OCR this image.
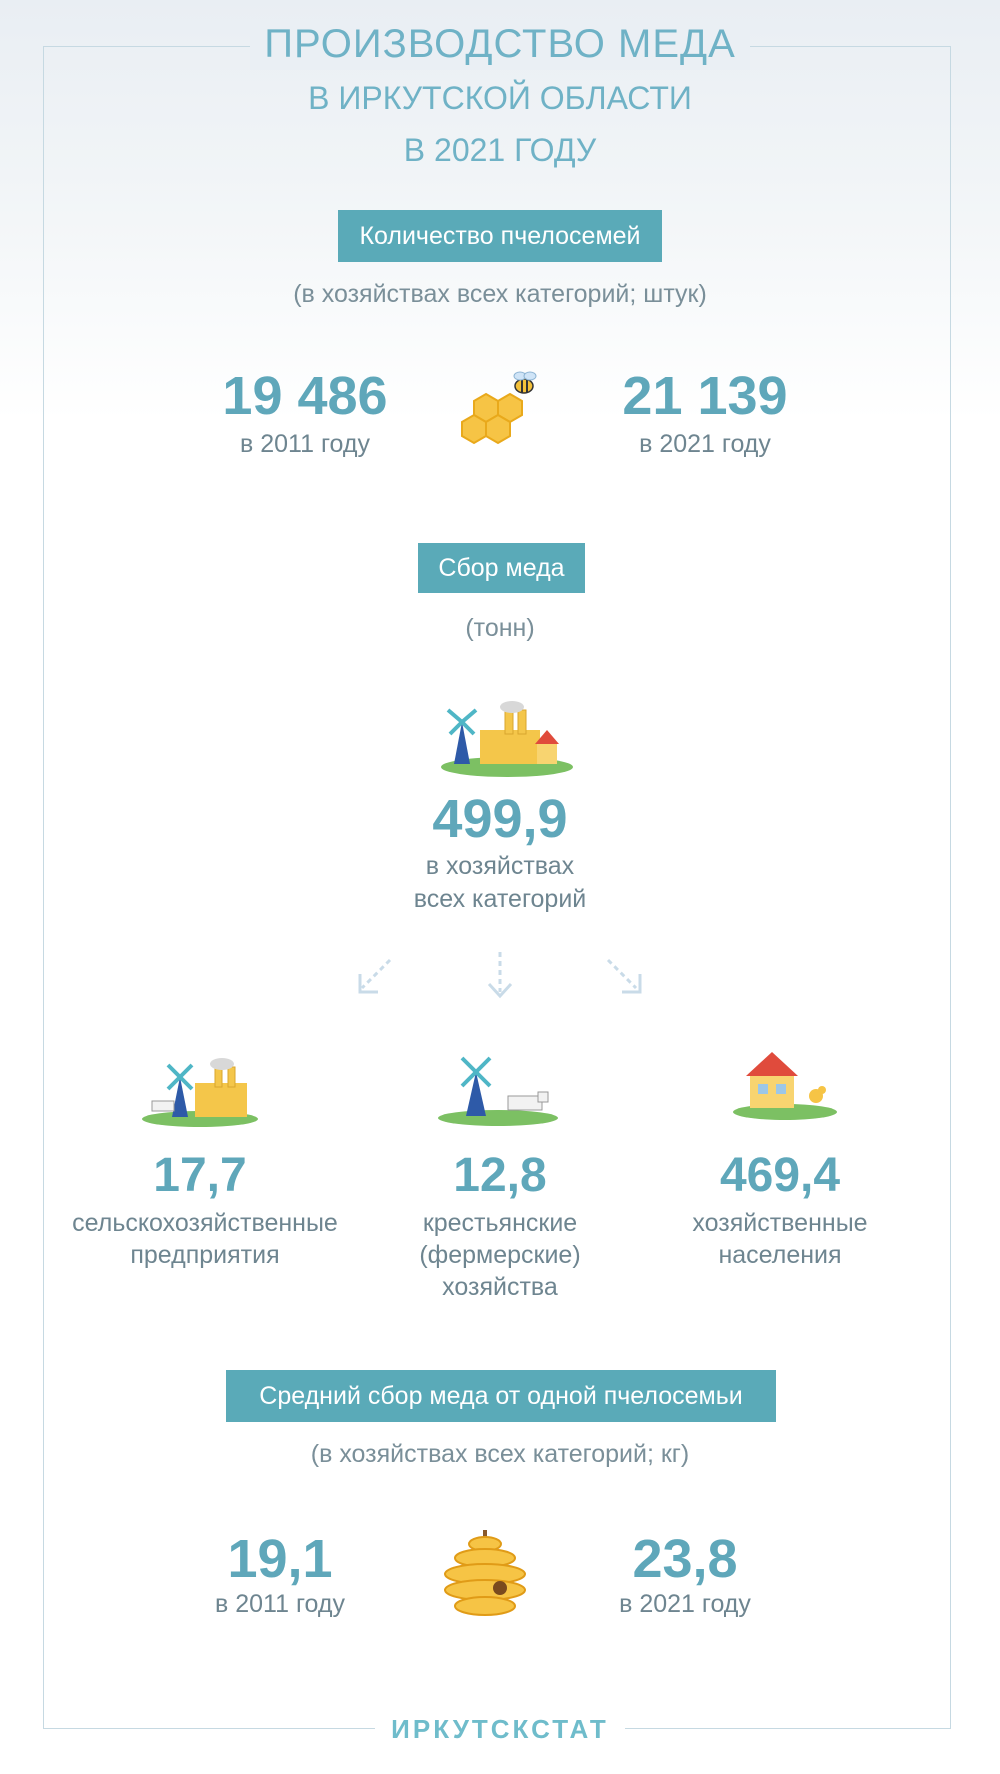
ПРОИЗВОДСТВО МЕДА
В ИРКУТСКОЙ ОБЛАСТИ
В 2021 ГОДУ
Количество пчелосемей
(в хозяйствах всех категорий; штук)
19 486
в 2011 году
21 139
в 2021 году
Сбор меда
(тонн)
499,9
в хозяйствах
всех категорий
17,7
сельскохозяйственные
предприятия
12,8
крестьянские
(фермерские)
хозяйства
469,4
хозяйственные
населения
Средний сбор меда от одной пчелосемьи
(в хозяйствах всех категорий; кг)
19,1
в 2011 году
23,8
в 2021 году
ИРКУТСКСТАТ
